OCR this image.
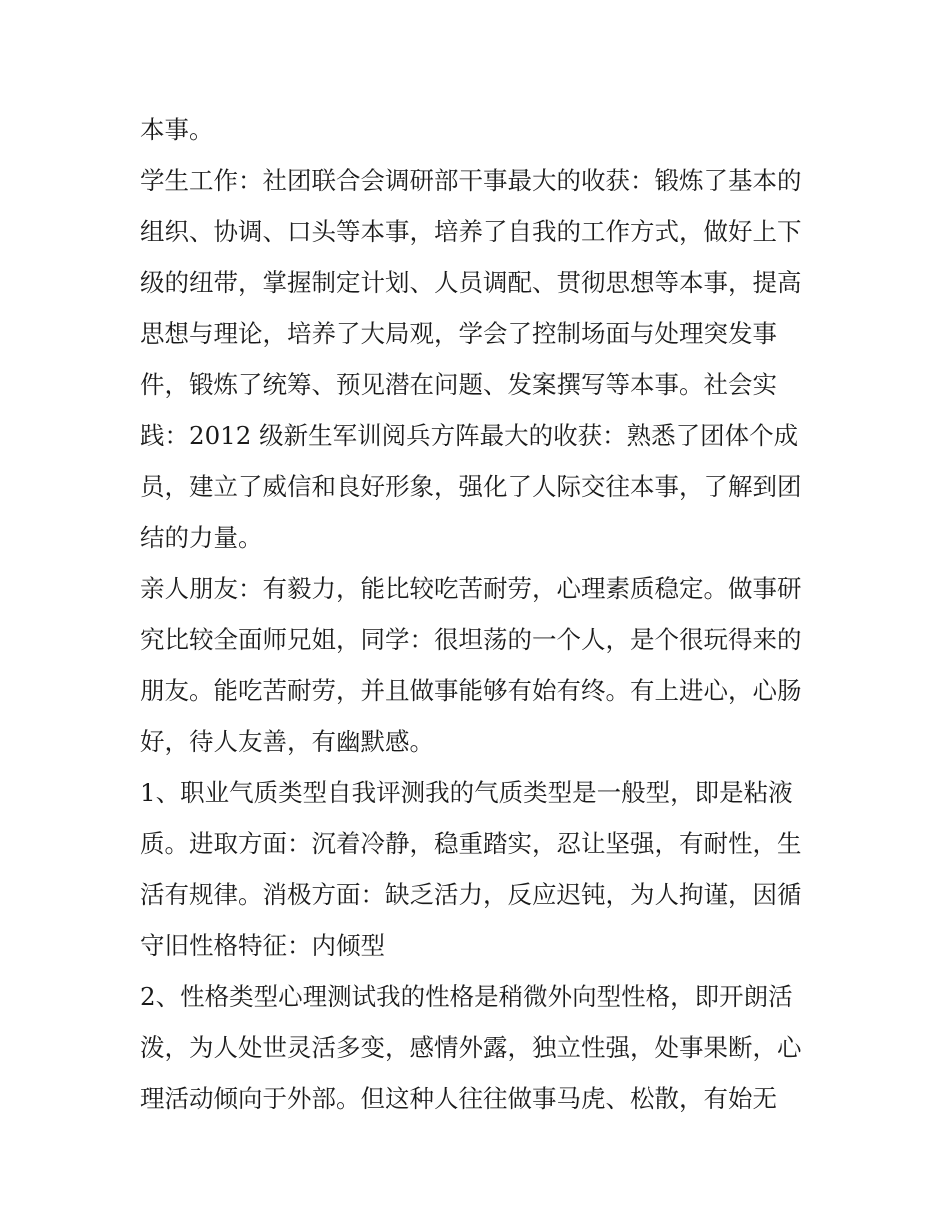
本事。

学生工作：社团联合会调研部干事最大的收获：锻炼了基本的

组织、协调、口头等本事，培养了自我的工作方式，做好上下

级的纽带，掌握制定计划、人员调配、贯彻思想等本事，提高

思想与理论，培养了大局观，学会了控制场面与处理突发事

件，锻炼了统筹、预见潜在问题、发案撰写等本事。社会实

践：2012 级新生军训阅兵方阵最大的收获：熟悉了团体个成

员，建立了威信和良好形象，强化了人际交往本事，了解到团

结的力量。

亲人朋友：有毅力，能比较吃苦耐劳，心理素质稳定。做事研

究比较全面师兄姐，同学：很坦荡的一个人，是个很玩得来的

朋友。能吃苦耐劳，并且做事能够有始有终。有上进心，心肠

好，待人友善，有幽默感。

1、职业气质类型自我评测我的气质类型是一般型，即是粘液

质。进取方面：沉着冷静，稳重踏实，忍让坚强，有耐性，生

活有规律。消极方面：缺乏活力，反应迟钝，为人拘谨，因循

守旧性格特征：内倾型

2、性格类型心理测试我的性格是稍微外向型性格，即开朗活

泼，为人处世灵活多变，感情外露，独立性强，处事果断，心

理活动倾向于外部。但这种人往往做事马虎、松散，有始无
